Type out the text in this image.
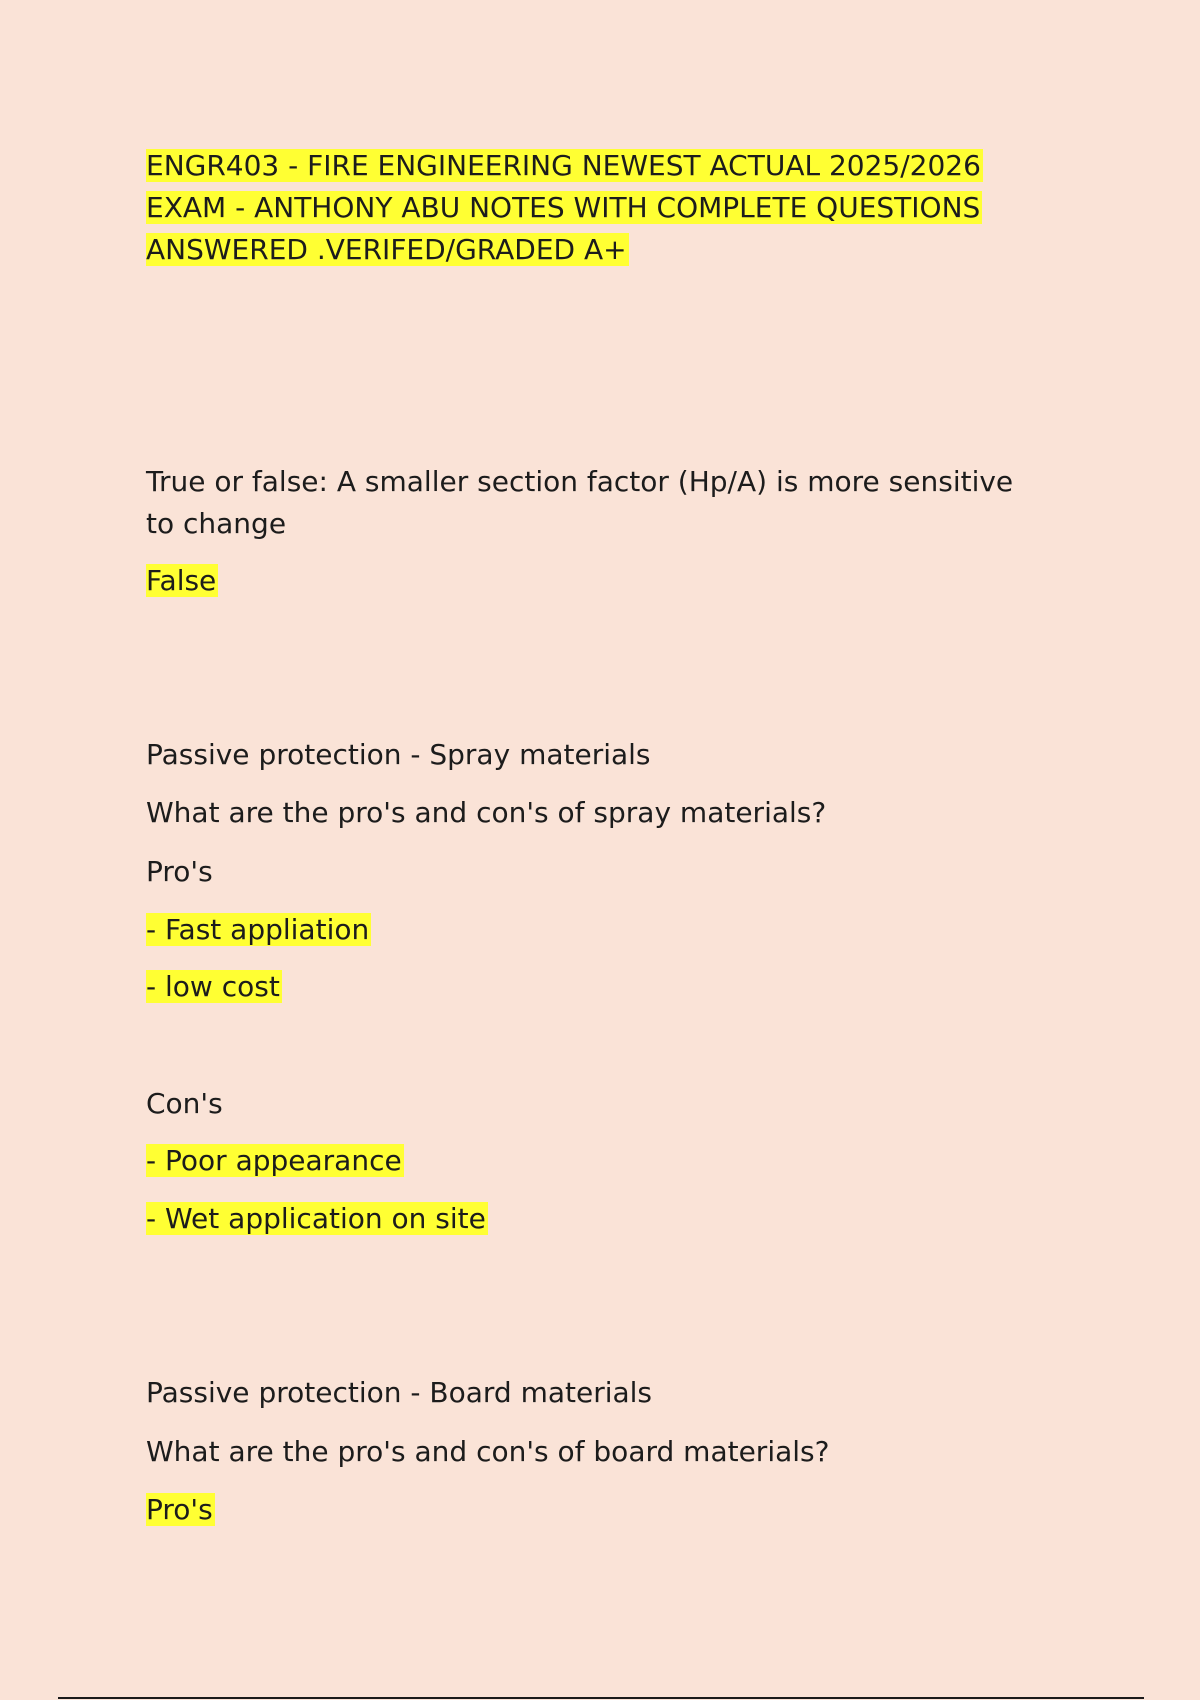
ENGR403 - FIRE ENGINEERING NEWEST ACTUAL 2025/2026

EXAM - ANTHONY ABU NOTES WITH COMPLETE QUESTIONS

ANSWERED .VERIFED/GRADED A+

True or false: A smaller section factor (Hp/A) is more sensitive

to change

False

Passive protection - Spray materials

What are the pro's and con's of spray materials?

Pro's

- Fast appliation

- low cost

Con's

- Poor appearance

- Wet application on site

Passive protection - Board materials

What are the pro's and con's of board materials?

Pro's
